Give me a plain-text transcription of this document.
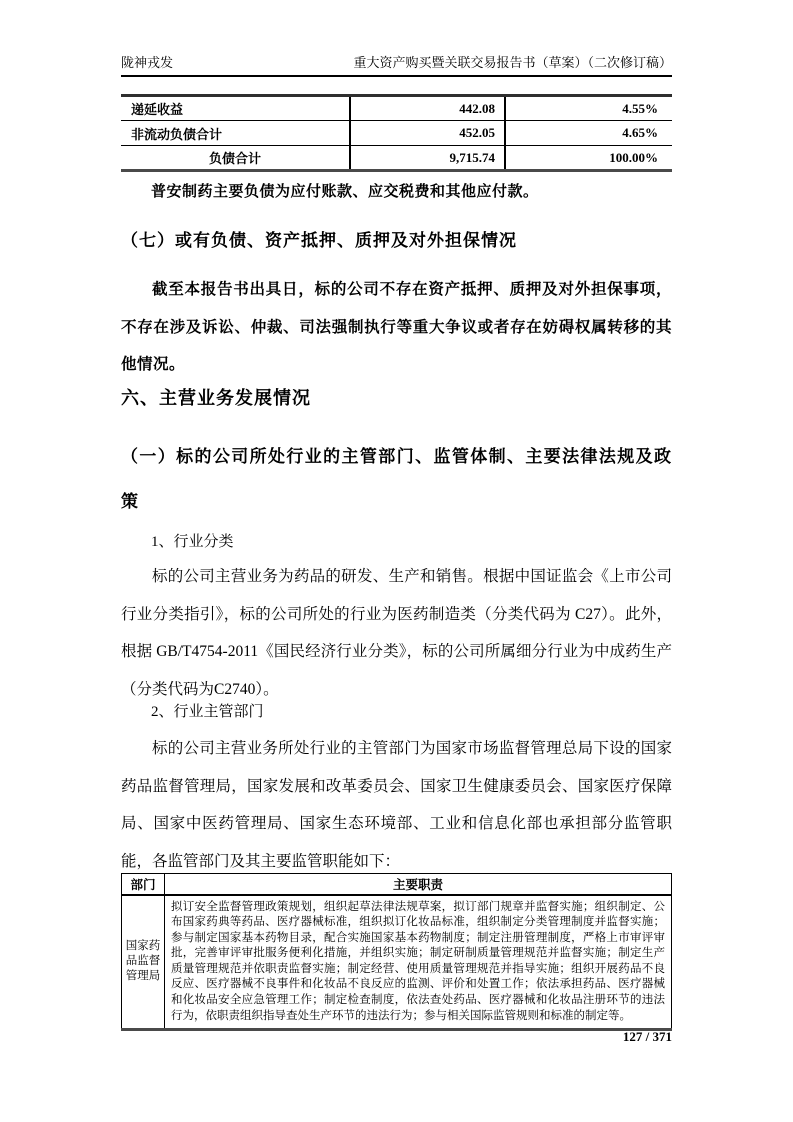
陇神戎发	重大资产购买暨关联交易报告书（草案）（二次修订稿）
递延收益	442.08	4.55%
非流动负债合计	452.05	4.65%
负债合计	9,715.74	100.00%

普安制药主要负债为应付账款、应交税费和其他应付款。

（七）或有负债、资产抵押、质押及对外担保情况

截至本报告书出具日，标的公司不存在资产抵押、质押及对外担保事项，不存在涉及诉讼、仲裁、司法强制执行等重大争议或者存在妨碍权属转移的其他情况。

六、主营业务发展情况
（一）标的公司所处行业的主管部门、监管体制、主要法律法规及政策

1、行业分类

标的公司主营业务为药品的研发、生产和销售。根据中国证监会《上市公司行业分类指引》，标的公司所处的行业为医药制造类（分类代码为 C27）。此外，根据 GB/T4754-2011《国民经济行业分类》，标的公司所属细分行业为中成药生产（分类代码为C2740）。

2、行业主管部门

标的公司主营业务所处行业的主管部门为国家市场监督管理总局下设的国家药品监督管理局，国家发展和改革委员会、国家卫生健康委员会、国家医疗保障局、国家中医药管理局、国家生态环境部、工业和信息化部也承担部分监管职能，各监管部门及其主要监管职能如下：

部门	主要职责
国家药品监督管理局	拟订安全监督管理政策规划，组织起草法律法规草案，拟订部门规章并监督实施；组织制定、公布国家药典等药品、医疗器械标准，组织拟订化妆品标准，组织制定分类管理制度并监督实施；参与制定国家基本药物目录，配合实施国家基本药物制度；制定注册管理制度，严格上市审评审批，完善审评审批服务便利化措施，并组织实施；制定研制质量管理规范并监督实施；制定生产质量管理规范并依职责监督实施；制定经营、使用质量管理规范并指导实施；组织开展药品不良反应、医疗器械不良事件和化妆品不良反应的监测、评价和处置工作；依法承担药品、医疗器械和化妆品安全应急管理工作；制定检查制度，依法查处药品、医疗器械和化妆品注册环节的违法行为，依职责组织指导查处生产环节的违法行为；参与相关国际监管规则和标准的制定等。
127 / 371
